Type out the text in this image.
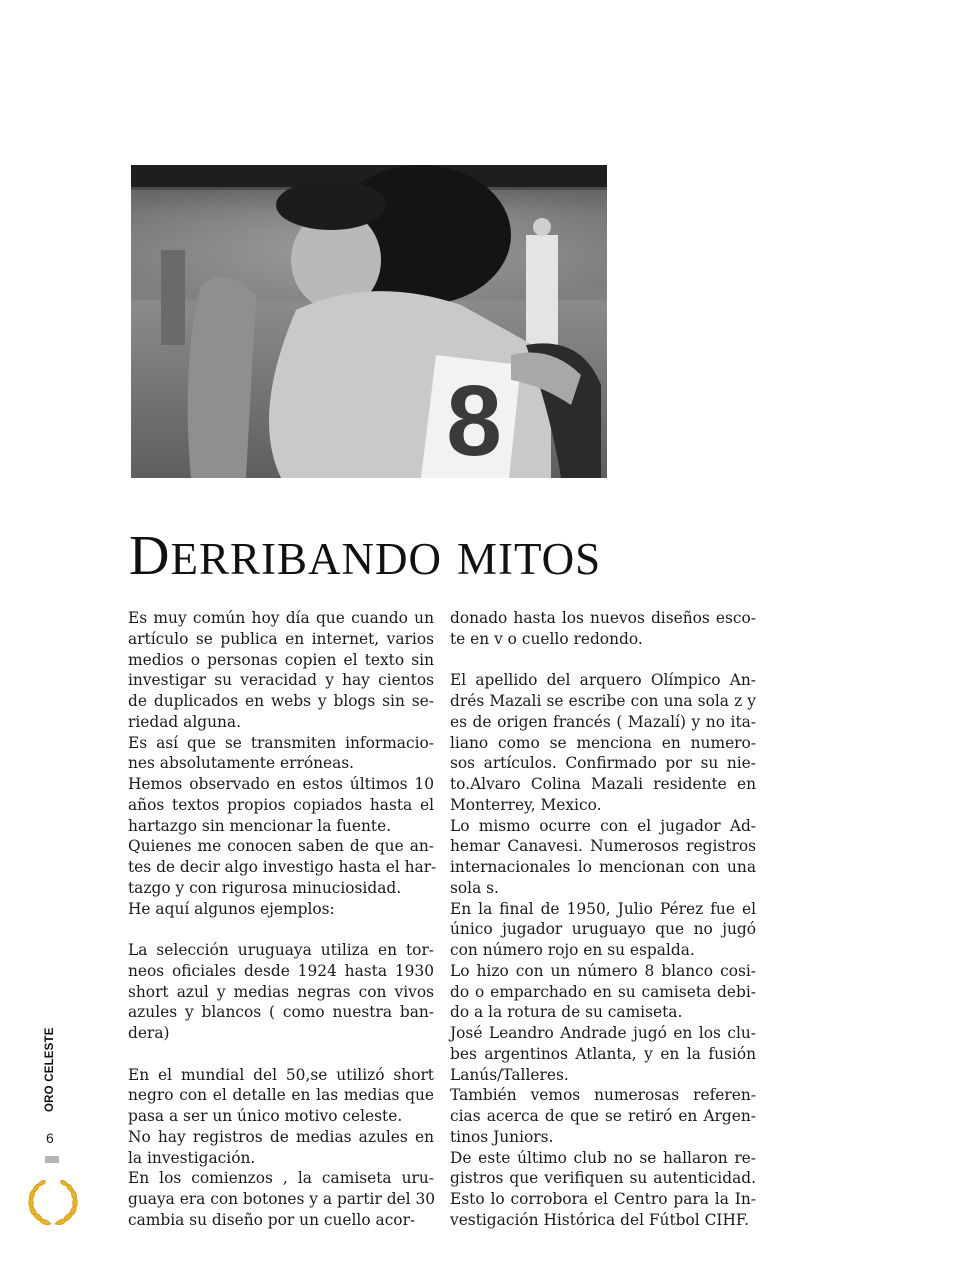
8
DERRIBANDO MITOS

Es muy común hoy día que cuando un
artículo se publica en internet, varios
medios o personas copien el texto sin
investigar su veracidad y hay cientos
de duplicados en webs y blogs sin se-
riedad alguna.

Es así que se transmiten informacio-
nes absolutamente erróneas.

Hemos observado en estos últimos 10
años textos propios copiados hasta el
hartazgo sin mencionar la fuente.

Quienes me conocen saben de que an-
tes de decir algo investigo hasta el har-
tazgo y con rigurosa minuciosidad.

He aquí algunos ejemplos:

La selección uruguaya utiliza en tor-
neos oficiales desde 1924 hasta 1930
short azul y medias negras con vivos
azules y blancos ( como nuestra ban-
dera)

En el mundial del 50,se utilizó short
negro con el detalle en las medias que
pasa a ser un único motivo celeste.

No hay registros de medias azules en
la investigación.

En los comienzos , la camiseta uru-
guaya era con botones y a partir del 30
cambia su diseño por un cuello acor-

donado hasta los nuevos diseños esco-
te en v o cuello redondo.

El apellido del arquero Olímpico An-
drés Mazali se escribe con una sola z y
es de origen francés ( Mazalí) y no ita-
liano como se menciona en numero-
sos artículos. Confirmado por su nie-
to.Alvaro Colina Mazali residente en
Monterrey, Mexico.

Lo mismo ocurre con el jugador Ad-
hemar Canavesi. Numerosos registros
internacionales lo mencionan con una
sola s.

En la final de 1950, Julio Pérez fue el
único jugador uruguayo que no jugó
con número rojo en su espalda.

Lo hizo con un número 8 blanco cosi-
do o emparchado en su camiseta debi-
do a la rotura de su camiseta.

José Leandro Andrade jugó en los clu-
bes argentinos Atlanta, y en la fusión
Lanús/Talleres.

También vemos numerosas referen-
cias acerca de que se retiró en Argen-
tinos Juniors.

De este último club no se hallaron re-
gistros que verifiquen su autenticidad.
Esto lo corrobora el Centro para la In-
vestigación Histórica del Fútbol CIHF.

ORO CELESTE
6
